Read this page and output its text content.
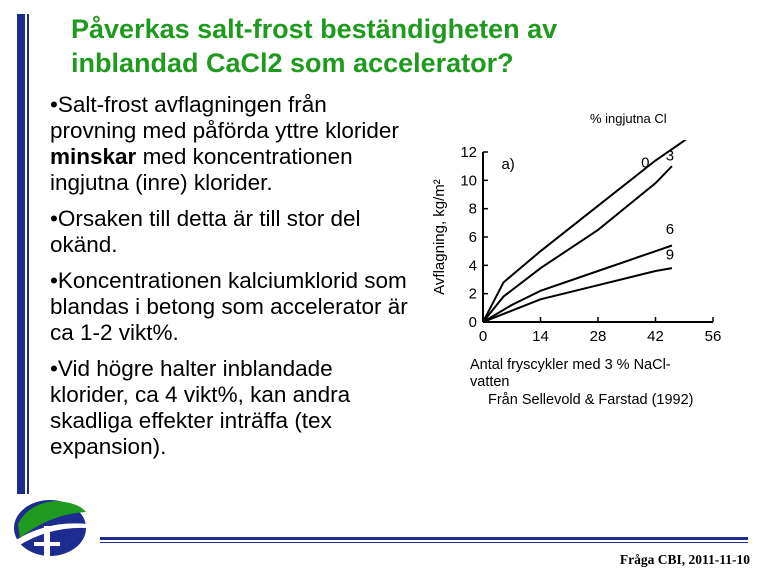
Påverkas salt-frost beständigheten av
inblandad CaCl2 som accelerator?
•Salt-frost avflagningen från provning med påförda yttre klorider minskar med koncentrationen ingjutna (inre) klorider.
•Orsaken till detta är till stor del okänd.
•Koncentrationen kalciumklorid som blandas i betong som accelerator är ca 1-2 vikt%.
•Vid högre halter inblandade klorider, ca 4 vikt%, kan andra skadliga effekter inträffa (tex expansion).
% ingjutna Cl
0	14	28	42	56
0
2
4
6
8
10
12
Avflagning, kg/m²
a)	0 3
6
9
Antal fryscykler med 3 % NaCl-vatten
Från Sellevold & Farstad (1992)
Fråga CBI, 2011-11-10
